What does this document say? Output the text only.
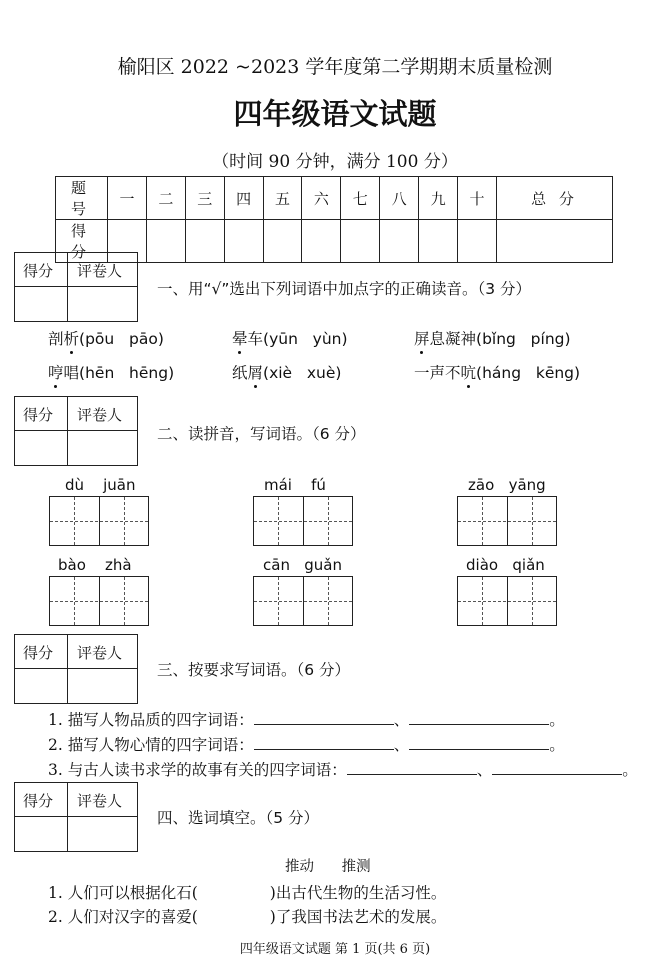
榆阳区 2022 ~2023 学年度第二学期期末质量检测
四年级语文试题
（时间 90 分钟，满分 100 分）
题 号	一	二	三	四	五	六	七	八	九	十	总 分
得 分											
得分 评卷人
一、用“√”选出下列词语中加点字的正确读音。（3 分）
剖析(pōu   pāo)	晕车(yūn   yùn)	屏息凝神(bǐng   píng)
哼唱(hēn   hēng)	纸屑(xiè   xuè)	一声不吭(háng   kēng)
得分 评卷人
二、读拼音，写词语。（6 分）
dù juān	mái fú	zāo yāng
bào zhà	cān guǎn	diào qiǎn
得分 评卷人
三、按要求写词语。（6 分）
1. 描写人物品质的四字词语：	、	。
2. 描写人物心情的四字词语：	、	。
3. 与古人读书求学的故事有关的四字词语：	、	。
得分 评卷人
四、选词填空。（5 分）
推动      推测
1. 人们可以根据化石(	)出古代生物的生活习性。
2. 人们对汉字的喜爱(	)了我国书法艺术的发展。
四年级语文试题 第 1 页(共 6 页)
